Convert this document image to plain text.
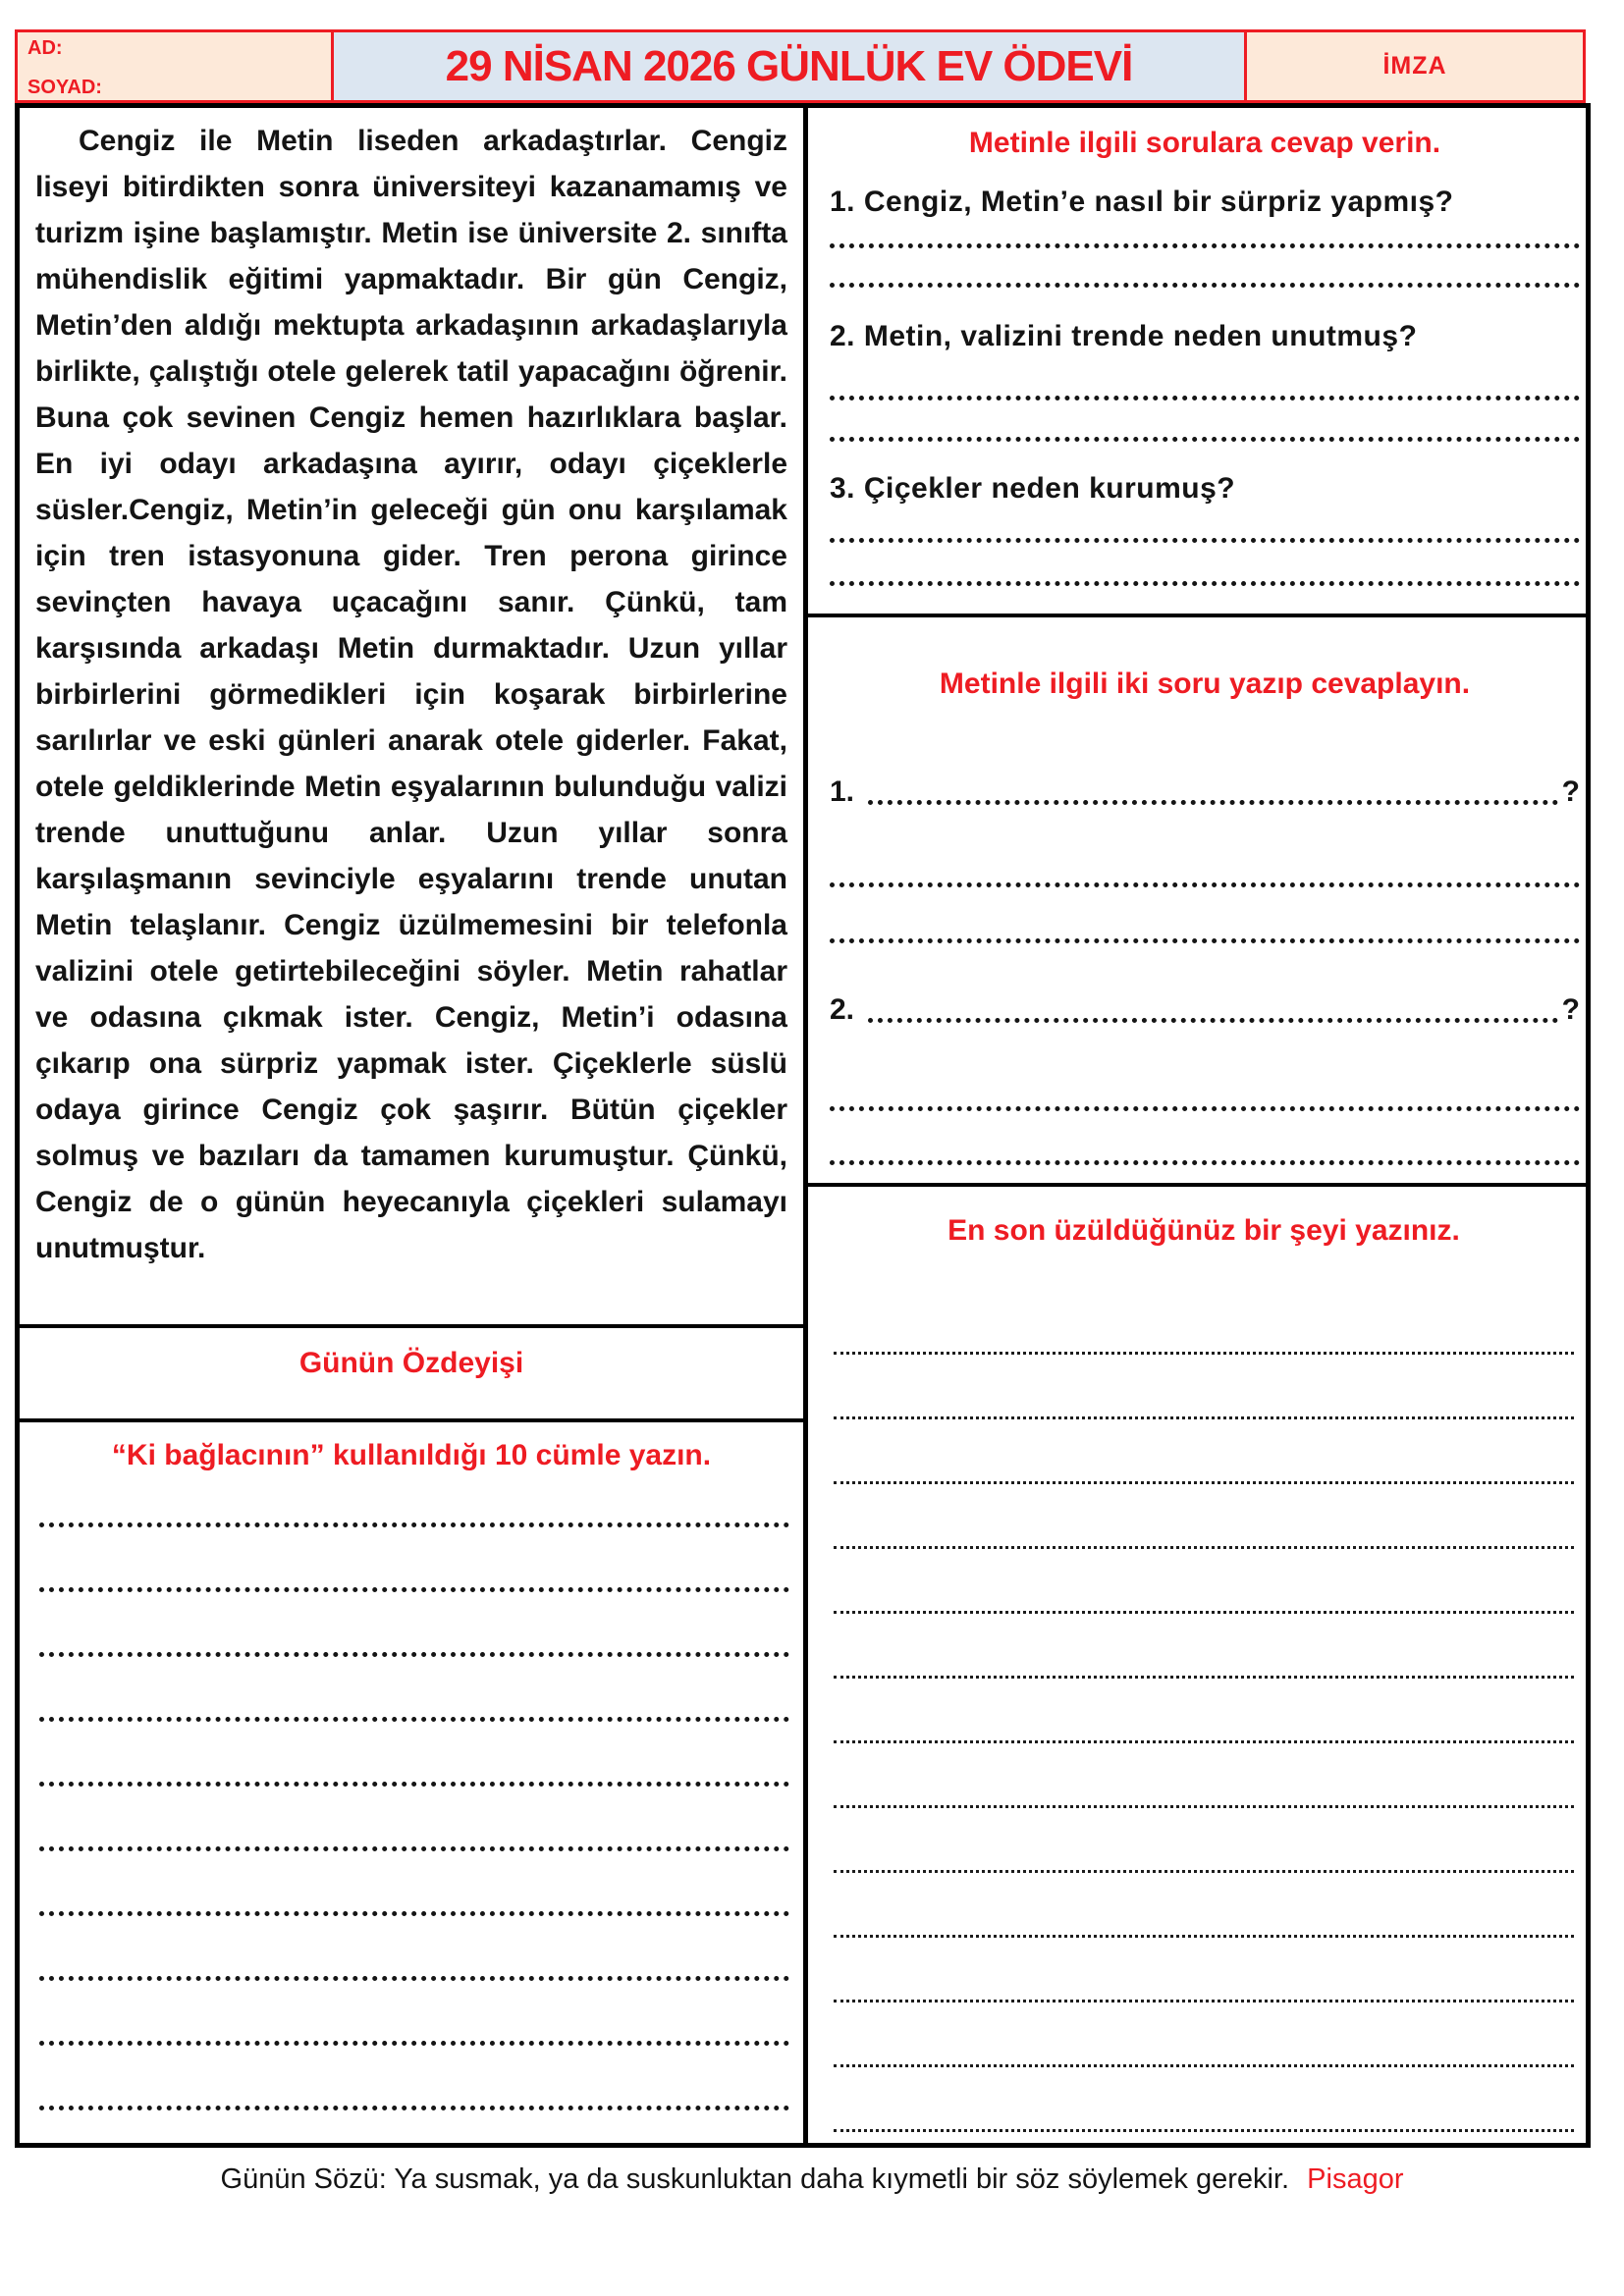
AD:
SOYAD:	29 NİSAN 2026 GÜNLÜK EV ÖDEVİ	İMZA
Cengiz ile Metin liseden arkadaştırlar. Cengiz liseyi bitirdikten sonra üniversiteyi kazanamamış ve turizm işine başlamıştır. Metin ise üniversite 2. sınıfta mühendislik eğitimi yapmaktadır. Bir gün Cengiz, Metin’den aldığı mektupta arkadaşının arkadaşlarıyla birlikte, çalıştığı otele gelerek tatil yapacağını öğrenir. Buna çok sevinen Cengiz hemen hazırlıklara başlar. En iyi odayı arkadaşına ayırır, odayı çiçeklerle süsler.Cengiz, Metin’in geleceği gün onu karşılamak için tren istasyonuna gider. Tren perona girince sevinçten havaya uçacağını sanır. Çünkü, tam karşısında arkadaşı Metin durmaktadır. Uzun yıllar birbirlerini görmedikleri için koşarak birbirlerine sarılırlar ve eski günleri anarak otele giderler. Fakat, otele geldiklerinde Metin eşyalarının bulunduğu valizi trende unuttuğunu anlar. Uzun yıllar sonra karşılaşmanın sevinciyle eşyalarını trende unutan Metin telaşlanır. Cengiz üzülmemesini bir telefonla valizini otele getirtebileceğini söyler. Metin rahatlar ve odasına çıkmak ister. Cengiz, Metin’i odasına çıkarıp ona sürpriz yapmak ister. Çiçeklerle süslü odaya girince Cengiz çok şaşırır. Bütün çiçekler solmuş ve bazıları da tamamen kurumuştur. Çünkü, Cengiz de o günün heyecanıyla çiçekleri sulamayı unutmuştur.
Günün Özdeyişi
“Ki bağlacının” kullanıldığı 10 cümle yazın.
Metinle ilgili sorulara cevap verin.
1. Cengiz, Metin’e nasıl bir sürpriz yapmış?
2. Metin, valizini trende neden unutmuş?
3. Çiçekler neden kurumuş?
Metinle ilgili iki soru yazıp cevaplayın.
1.	?
2.	?
En son üzüldüğünüz bir şeyi yazınız.
Günün Sözü: Ya susmak, ya da suskunluktan daha kıymetli bir söz söylemek gerekir. Pisagor
